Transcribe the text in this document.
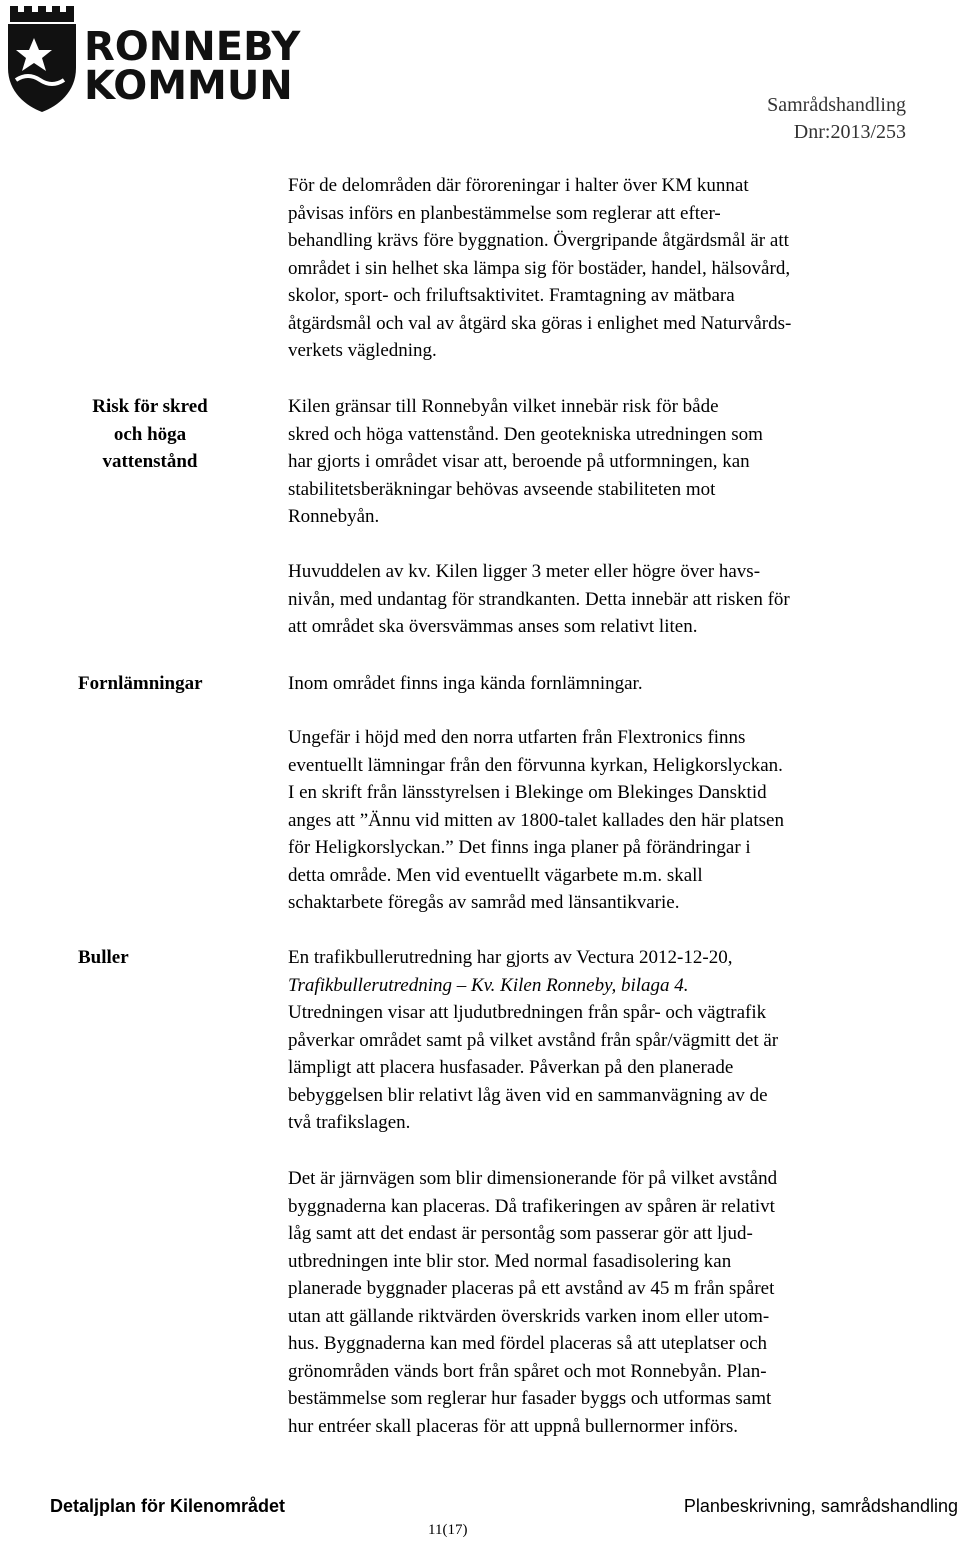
RONNEBY
KOMMUN	Samrådshandling
Dnr:2013/253

För de delområden där föroreningar i halter över KM kunnat
påvisas införs en planbestämmelse som reglerar att efter-
behandling krävs före byggnation. Övergripande åtgärdsmål är att
området i sin helhet ska lämpa sig för bostäder, handel, hälsovård,
skolor, sport- och friluftsaktivitet. Framtagning av mätbara
åtgärdsmål och val av åtgärd ska göras i enlighet med Naturvårds-
verkets vägledning.

Risk för skred
och höga
vattenstånd

Kilen gränsar till Ronnebyån vilket innebär risk för både
skred och höga vattenstånd. Den geotekniska utredningen som
har gjorts i området visar att, beroende på utformningen, kan
stabilitetsberäkningar behövas avseende stabiliteten mot
Ronnebyån.

Huvuddelen av kv. Kilen ligger 3 meter eller högre över havs-
nivån, med undantag för strandkanten. Detta innebär att risken för
att området ska översvämmas anses som relativt liten.

Fornlämningar	Inom området finns inga kända fornlämningar.

Ungefär i höjd med den norra utfarten från Flextronics finns
eventuellt lämningar från den förvunna kyrkan, Heligkorslyckan.
I en skrift från länsstyrelsen i Blekinge om Blekinges Dansktid
anges att ”Ännu vid mitten av 1800-talet kallades den här platsen
för Heligkorslyckan.” Det finns inga planer på förändringar i
detta område. Men vid eventuellt vägarbete m.m. skall
schaktarbete föregås av samråd med länsantikvarie.

Buller	En trafikbullerutredning har gjorts av Vectura 2012-12-20,
Trafikbullerutredning – Kv. Kilen Ronneby, bilaga 4.
Utredningen visar att ljudutbredningen från spår- och vägtrafik
påverkar området samt på vilket avstånd från spår/vägmitt det är
lämpligt att placera husfasader. Påverkan på den planerade
bebyggelsen blir relativt låg även vid en sammanvägning av de
två trafikslagen.

Det är järnvägen som blir dimensionerande för på vilket avstånd
byggnaderna kan placeras. Då trafikeringen av spåren är relativt
låg samt att det endast är persontåg som passerar gör att ljud-
utbredningen inte blir stor. Med normal fasadisolering kan
planerade byggnader placeras på ett avstånd av 45 m från spåret
utan att gällande riktvärden överskrids varken inom eller utom-
hus. Byggnaderna kan med fördel placeras så att uteplatser och
grönområden vänds bort från spåret och mot Ronnebyån. Plan-
bestämmelse som reglerar hur fasader byggs och utformas samt
hur entréer skall placeras för att uppnå bullernormer införs.

Detaljplan för Kilenområdet	Planbeskrivning, samrådshandling
11(17)
